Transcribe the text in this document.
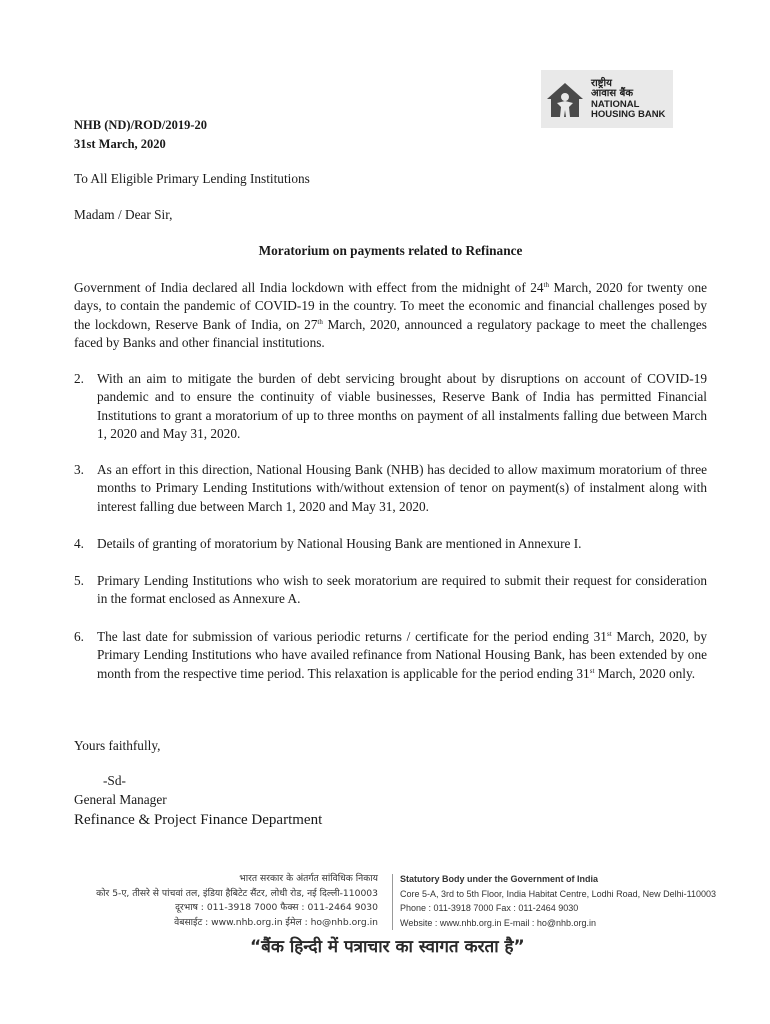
राष्ट्रीय
आवास बैंक
NATIONAL
HOUSING BANK
NHB (ND)/ROD/2019-20
31st March, 2020
To All Eligible Primary Lending Institutions
Madam / Dear Sir,
Moratorium on payments related to Refinance
Government of India declared all India lockdown with effect from the midnight of 24th March, 2020 for twenty one days, to contain the pandemic of COVID-19 in the country. To meet the economic and financial challenges posed by the lockdown, Reserve Bank of India, on 27th March, 2020, announced a regulatory package to meet the challenges faced by Banks and other financial institutions.
2. With an aim to mitigate the burden of debt servicing brought about by disruptions on account of COVID-19 pandemic and to ensure the continuity of viable businesses, Reserve Bank of India has permitted Financial Institutions to grant a moratorium of up to three months on payment of all instalments falling due between March 1, 2020 and May 31, 2020.
3. As an effort in this direction, National Housing Bank (NHB) has decided to allow maximum moratorium of three months to Primary Lending Institutions with/without extension of tenor on payment(s) of instalment along with interest falling due between March 1, 2020 and May 31, 2020.
4. Details of granting of moratorium by National Housing Bank are mentioned in Annexure I.
5. Primary Lending Institutions who wish to seek moratorium are required to submit their request for consideration in the format enclosed as Annexure A.
6. The last date for submission of various periodic returns / certificate for the period ending 31st March, 2020, by Primary Lending Institutions who have availed refinance from National Housing Bank, has been extended by one month from the respective time period. This relaxation is applicable for the period ending 31st March, 2020 only.
Yours faithfully,
-Sd-
General Manager
Refinance & Project Finance Department
भारत सरकार के अंतर्गत सांविधिक निकाय
कोर 5-ए, तीसरे से पांचवां तल, इंडिया हैबिटेट सैंटर, लोधी रोड, नई दिल्ली-110003
दूरभाष : 011-3918 7000 फैक्स : 011-2464 9030
वेबसाईट : www.nhb.org.in ईमेल : ho@nhb.org.in
Statutory Body under the Government of India
Core 5-A, 3rd to 5th Floor, India Habitat Centre, Lodhi Road, New Delhi-110003
Phone : 011-3918 7000 Fax : 011-2464 9030
Website : www.nhb.org.in E-mail : ho@nhb.org.in
“बैंक हिन्दी में पत्राचार का स्वागत करता है”
